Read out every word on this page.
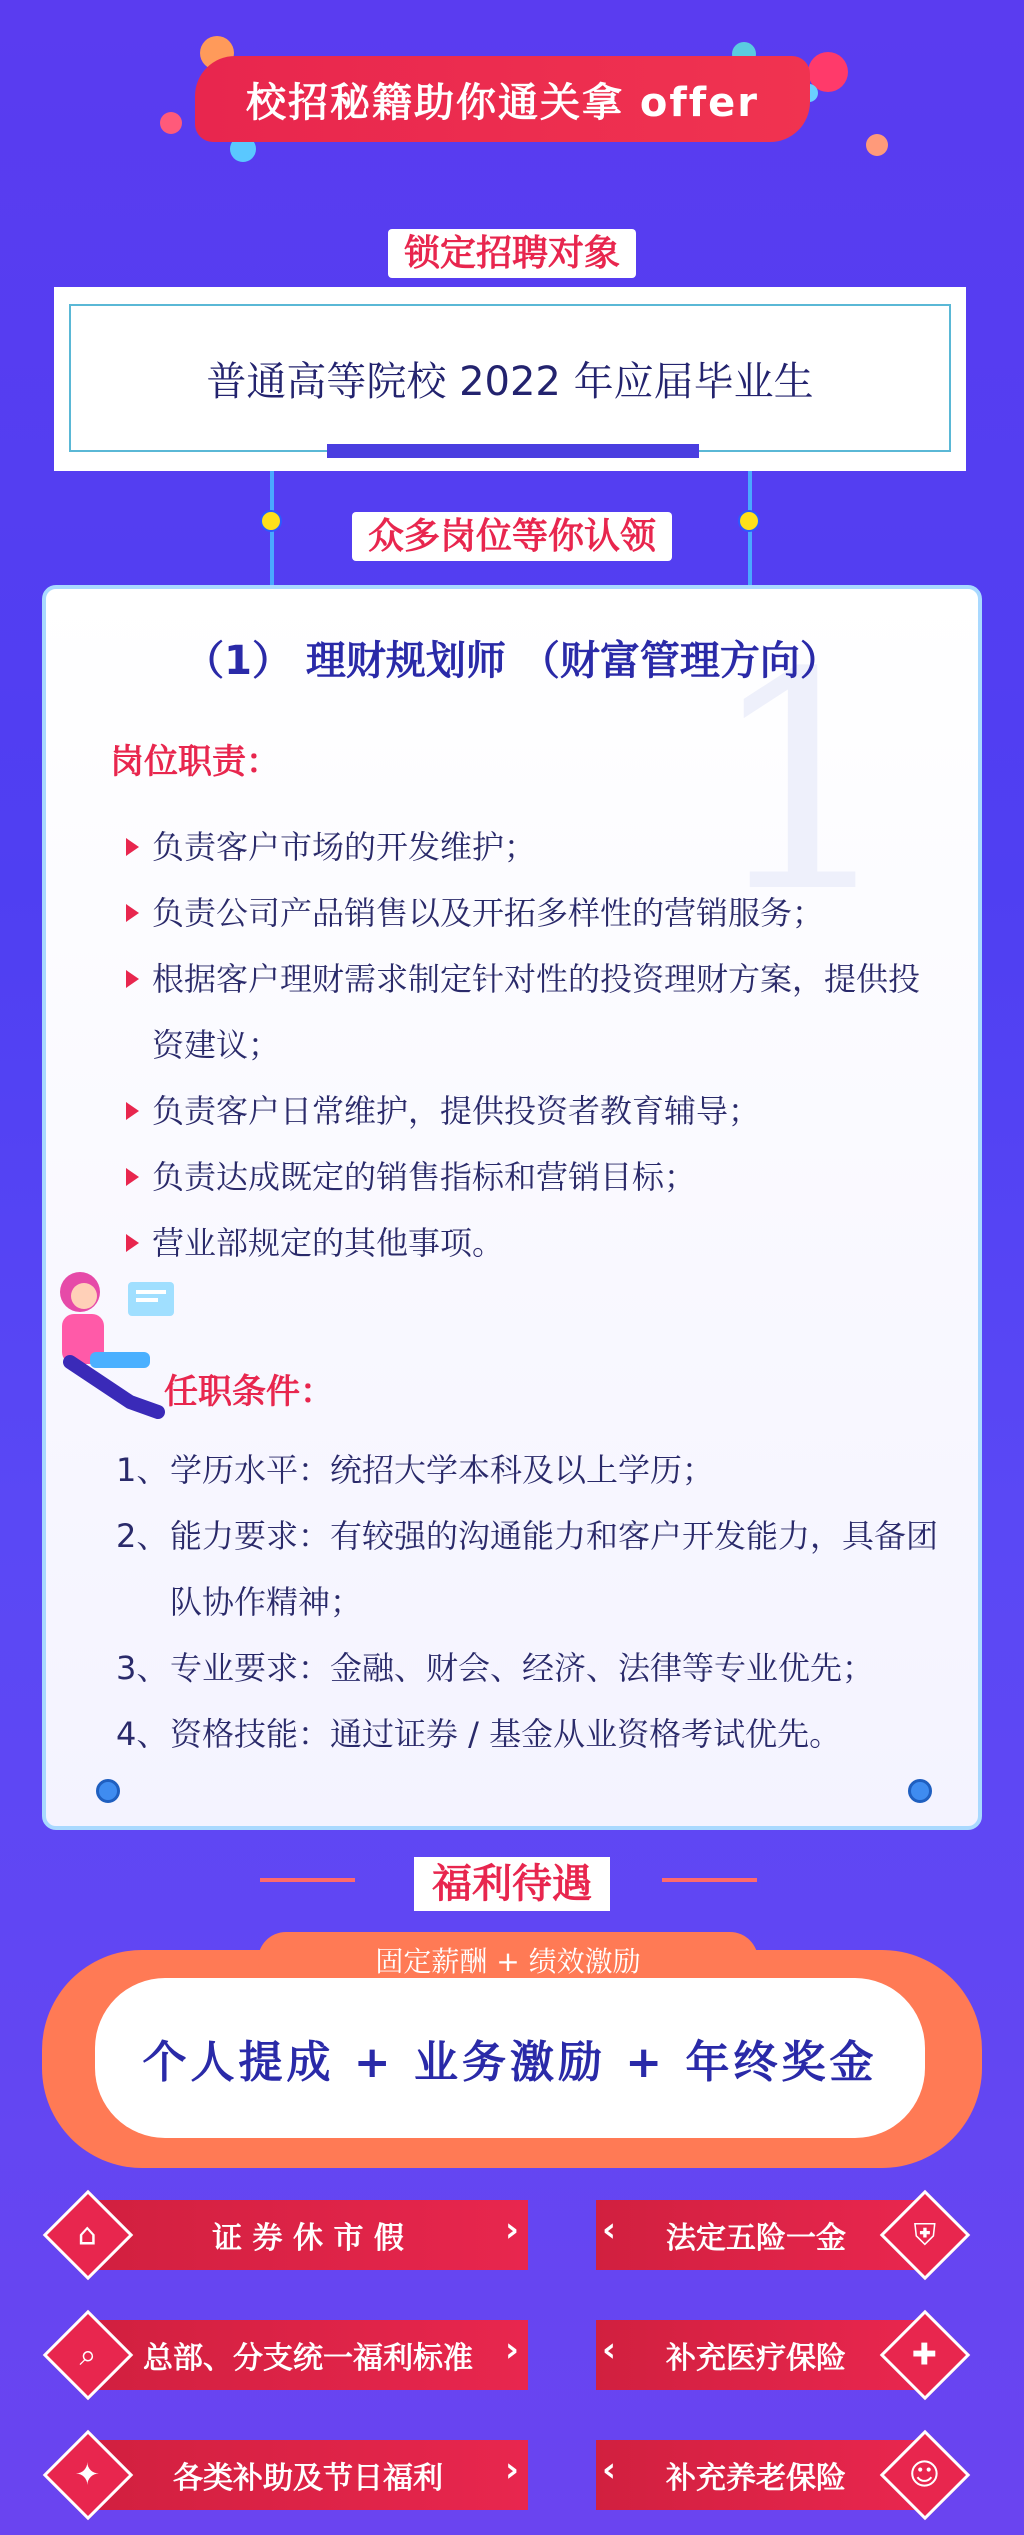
校招秘籍助你通关拿 offer
锁定招聘对象
普通高等院校 2022 年应届毕业生
众多岗位等你认领
1
（1） 理财规划师 （财富管理方向）
岗位职责：
负责客户市场的开发维护；
负责公司产品销售以及开拓多样性的营销服务；
根据客户理财需求制定针对性的投资理财方案，提供投资建议；
负责客户日常维护，提供投资者教育辅导；
负责达成既定的销售指标和营销目标；
营业部规定的其他事项。
任职条件：
1、 学历水平：统招大学本科及以上学历；
2、 能力要求：有较强的沟通能力和客户开发能力，具备团队协作精神；
3、 专业要求：金融、财会、经济、法律等专业优先；
4、 资格技能：通过证券 / 基金从业资格考试优先。
福利待遇
固定薪酬 + 绩效激励
个人提成 + 业务激励 + 年终奖金
证 券 休 市 假	›
⌂	法定五险一金
‹	⛨
总部、分支统一福利标准 ›
⌕	补充医疗保险
‹	✚
各类补助及节日福利 ›
✦	补充养老保险
‹	☺
